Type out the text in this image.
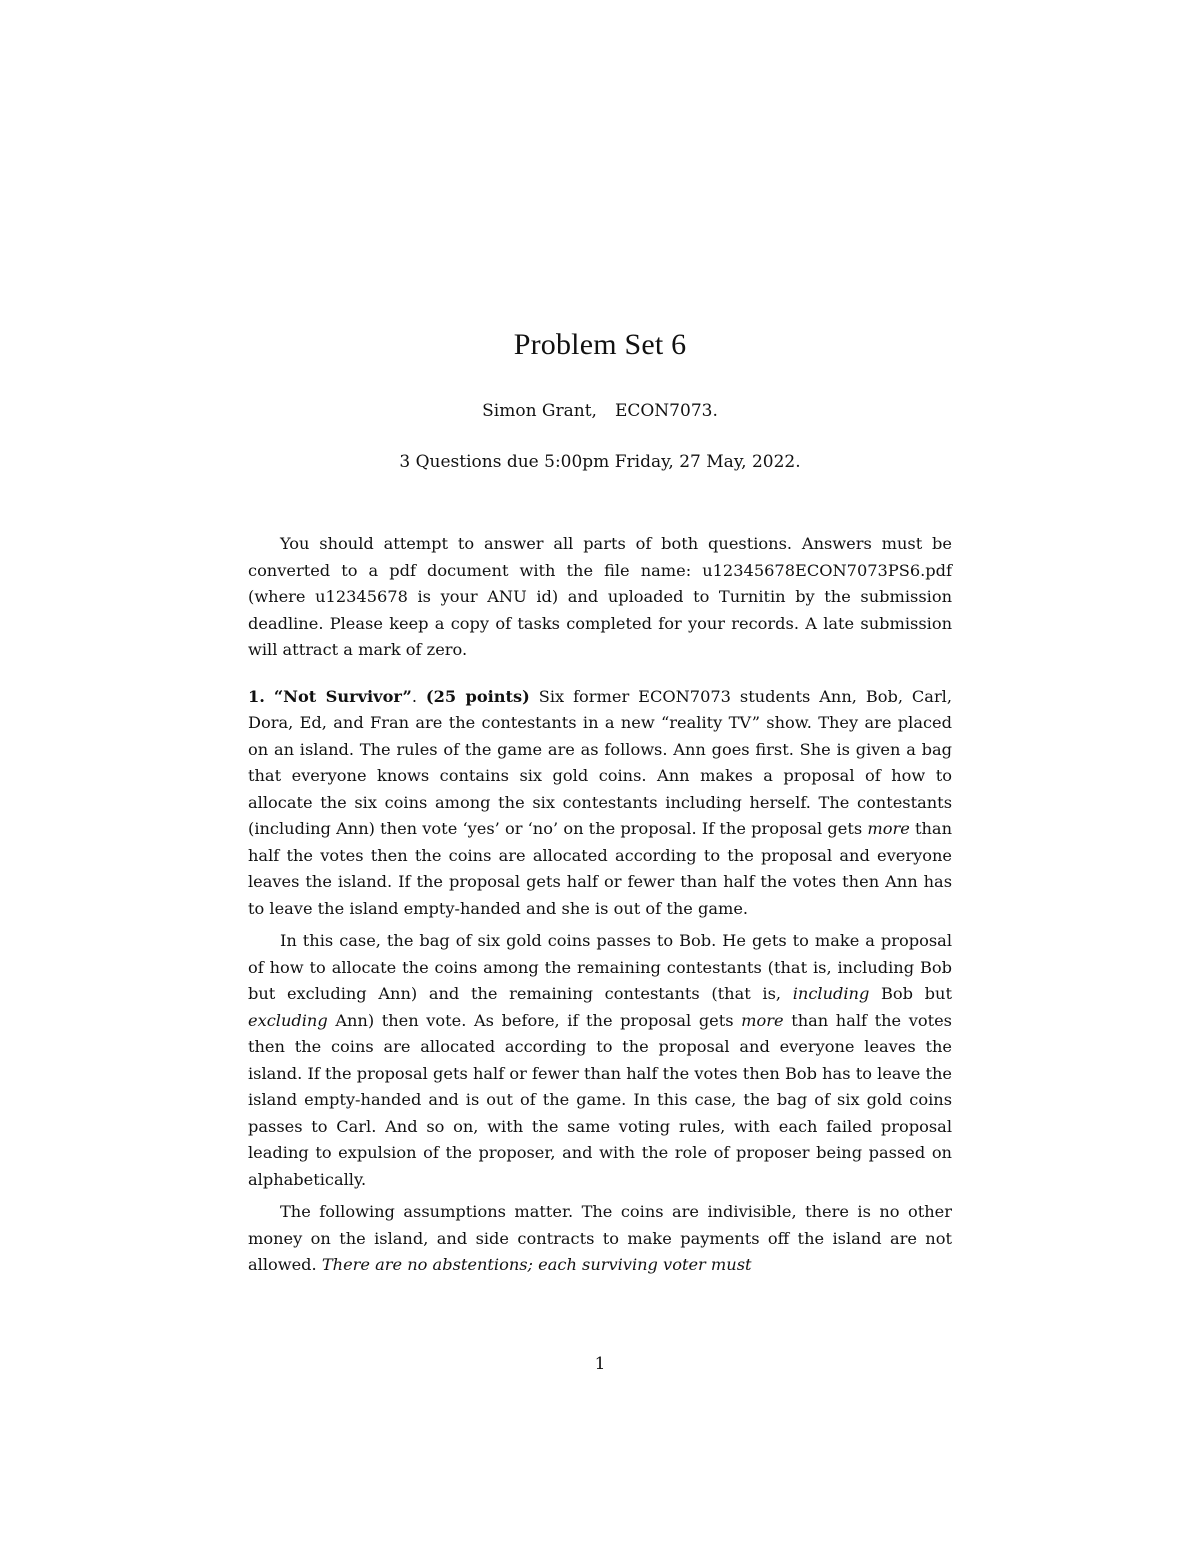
Problem Set 6
Simon Grant, ECON7073.
3 Questions due 5:00pm Friday, 27 May, 2022.

You should attempt to answer all parts of both questions. Answers must be converted to a pdf document with the file name: u12345678ECON7073PS6.pdf (where u12345678 is your ANU id) and uploaded to Turnitin by the submission deadline. Please keep a copy of tasks completed for your records. A late submission will attract a mark of zero.

1. “Not Survivor”. (25 points) Six former ECON7073 students Ann, Bob, Carl, Dora, Ed, and Fran are the contestants in a new “reality TV” show. They are placed on an island. The rules of the game are as follows. Ann goes first. She is given a bag that everyone knows contains six gold coins. Ann makes a proposal of how to allocate the six coins among the six contestants including herself. The contestants (including Ann) then vote ‘yes’ or ‘no’ on the proposal. If the proposal gets more than half the votes then the coins are allocated according to the proposal and everyone leaves the island. If the proposal gets half or fewer than half the votes then Ann has to leave the island empty-handed and she is out of the game.

In this case, the bag of six gold coins passes to Bob. He gets to make a proposal of how to allocate the coins among the remaining contestants (that is, including Bob but excluding Ann) and the remaining contestants (that is, including Bob but excluding Ann) then vote. As before, if the proposal gets more than half the votes then the coins are allocated according to the proposal and everyone leaves the island. If the proposal gets half or fewer than half the votes then Bob has to leave the island empty-handed and is out of the game. In this case, the bag of six gold coins passes to Carl. And so on, with the same voting rules, with each failed proposal leading to expulsion of the proposer, and with the role of proposer being passed on alphabetically.

The following assumptions matter. The coins are indivisible, there is no other money on the island, and side contracts to make payments off the island are not allowed. There are no abstentions; each surviving voter must

1
